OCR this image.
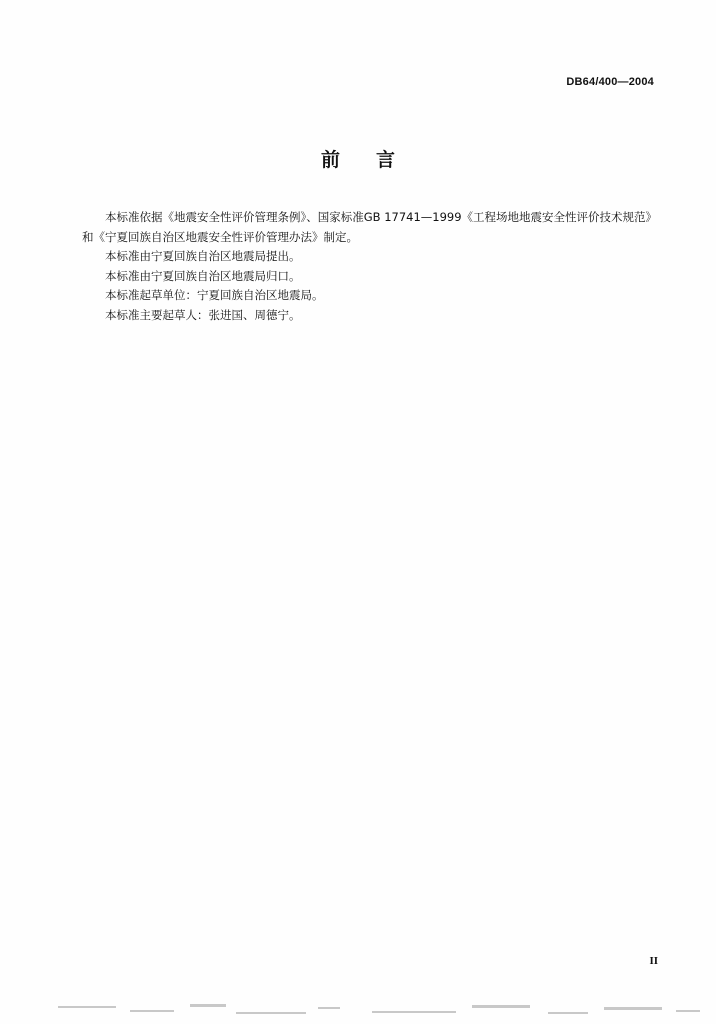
DB64/400—2004
前言

本标准依据《地震安全性评价管理条例》、国家标准GB 17741—1999《工程场地地震安全性评价技术规范》和《宁夏回族自治区地震安全性评价管理办法》制定。

本标准由宁夏回族自治区地震局提出。

本标准由宁夏回族自治区地震局归口。

本标准起草单位：宁夏回族自治区地震局。

本标准主要起草人：张进国、周德宁。

II
